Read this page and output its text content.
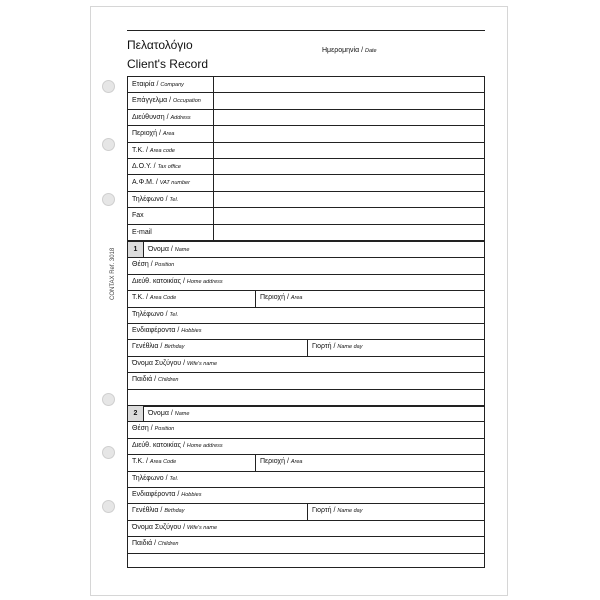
Πελατολόγιο
Client's Record
Ημερομηνία / Date
CONTAX Ref. 3018
Εταιρία / Company
Επάγγελμα / Occupation
Διεύθυνση / Address
Περιοχή / Area
Τ.Κ. / Area code
Δ.Ο.Υ. / Tax office
Α.Φ.Μ. / VAT number
Τηλέφωνο / Tel.
Fax
E-mail
1	Όνομα / Name
Θέση / Position
Διεύθ. κατοικίας / Home address
Τ.Κ. / Area Code	Περιοχή / Area
Τηλέφωνο / Tel.
Ενδιαφέροντα / Hobbies
Γενέθλια / Birthday	Γιορτή / Name day
Όνομα Συζύγου / Wife's name
Παιδιά / Children
2	Όνομα / Name
Θέση / Position
Διεύθ. κατοικίας / Home address
Τ.Κ. / Area Code	Περιοχή / Area
Τηλέφωνο / Tel.
Ενδιαφέροντα / Hobbies
Γενέθλια / Birthday	Γιορτή / Name day
Όνομα Συζύγου / Wife's name
Παιδιά / Children
